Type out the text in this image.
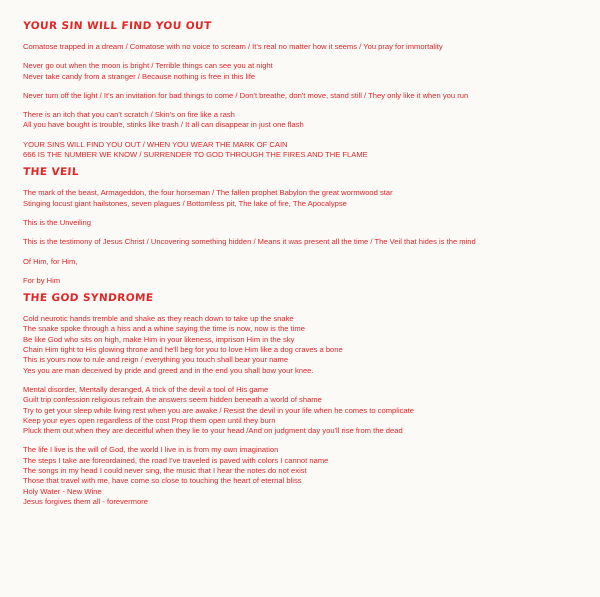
YOUR SIN WILL FIND YOU OUT

Comatose trapped in a dream / Comatose with no voice to scream / It's real no matter how it seems / You pray for immortality

Never go out when the moon is bright / Terrible things can see you at night

Never take candy from a stranger / Because nothing is free in this life

Never turn off the light / It's an invitation for bad things to come / Don't breathe, don't move, stand still / They only like it when you run

There is an itch that you can't scratch / Skin's on fire like a rash

All you have bought is trouble, stinks like trash / It all can disappear in just one flash

YOUR SINS WILL FIND YOU OUT / WHEN YOU WEAR THE MARK OF CAIN

666 IS THE NUMBER WE KNOW / SURRENDER TO GOD THROUGH THE FIRES AND THE FLAME

THE VEIL

The mark of the beast, Armageddon, the four horseman / The fallen prophet Babylon the great wormwood star

Stinging locust giant hailstones, seven plagues / Bottomless pit, The lake of fire, The Apocalypse

This is the Unveiling

This is the testimony of Jesus Christ / Uncovering something hidden / Means it was present all the time / The Veil that hides is the mind

Of Him, for Him,

For by Him

THE GOD SYNDROME

Cold neurotic hands tremble and shake as they reach down to take up the snake

The snake spoke through a hiss and a whine saying the time is now, now is the time

Be like God who sits on high, make Him in your likeness, imprison Him in the sky

Chain Him tight to His glowing throne and he'll beg for you to love Him like a dog craves a bone

This is yours now to rule and reign / everything you touch shall bear your name

Yes you are man deceived by pride and greed and in the end you shall bow your knee.

Mental disorder, Mentally deranged, A trick of the devil a tool of His game

Guilt trip confession religious refrain the answers seem hidden beneath a world of shame

Try to get your sleep while living rest when you are awake / Resist the devil in your life when he comes to complicate

Keep your eyes open regardless of the cost Prop them open until they burn

Pluck them out when they are deceitful when they lie to your head /And on judgment day you'll rise from the dead

The life I live is the will of God, the world I live in is from my own imagination

The steps I take are foreordained, the road I've traveled is paved with colors I cannot name

The songs in my head I could never sing, the music that I hear the notes do not exist

Those that travel with me, have come so close to touching the heart of eternal bliss

Holy Water - New Wine

Jesus forgives them all - forevermore
